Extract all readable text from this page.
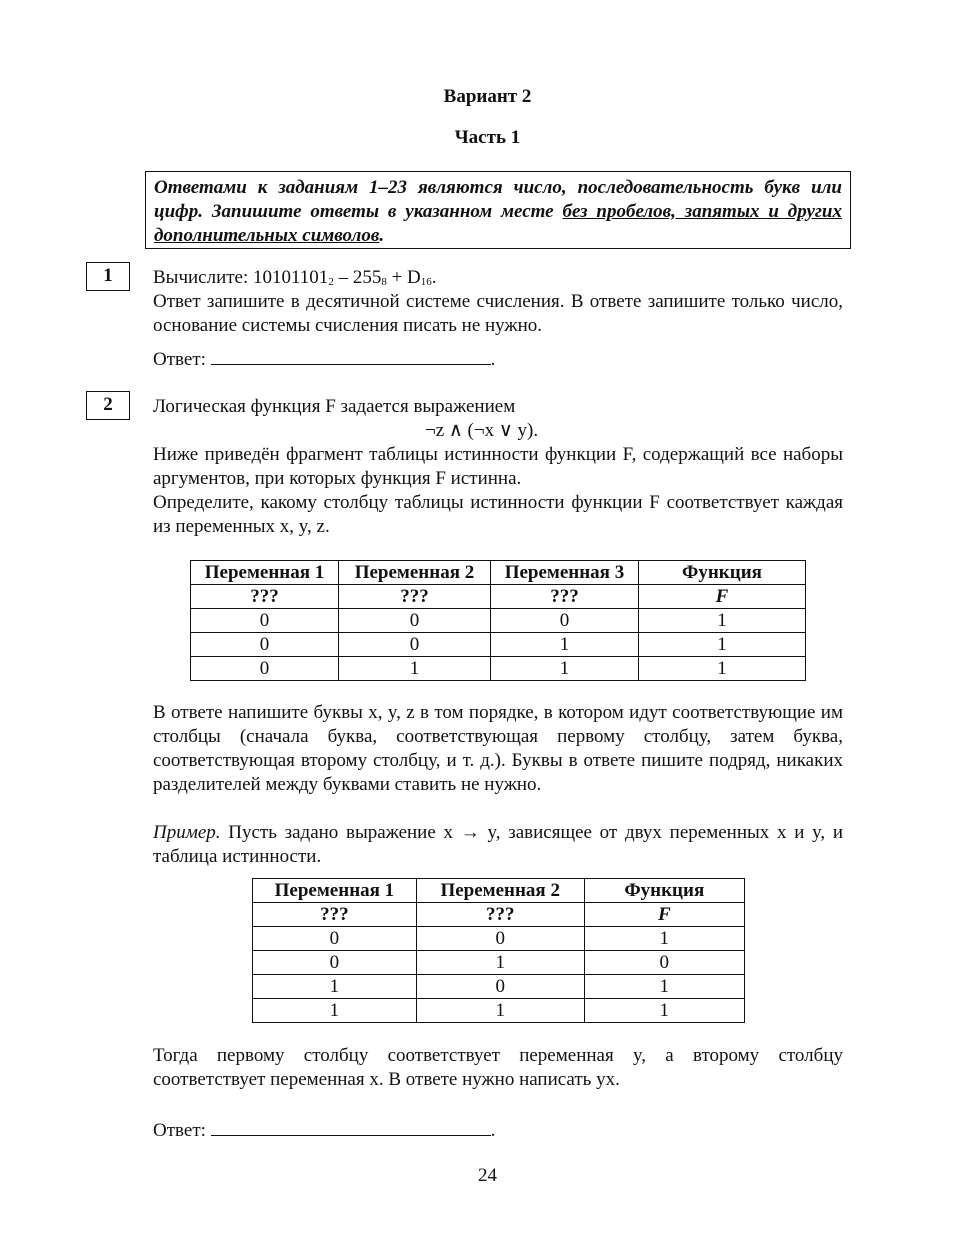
Вариант 2
Часть 1
Ответами к заданиям 1–23 являются число, последовательность букв или цифр. Запишите ответы в указанном месте без пробелов, запятых и других дополнительных символов.
1	Вычислите: $10101101_2 - 255_8 + D_{16}$.
Ответ запишите в десятичной системе счисления. В ответе запишите только число, основание системы счисления писать не нужно.
Ответ:	.
2	Логическая функция F задается выражением
¬z ∧ (¬x ∨ y).
Ниже приведён фрагмент таблицы истинности функции F, содержащий все наборы аргументов, при которых функция F истинна.
Определите, какому столбцу таблицы истинности функции F соответствует каждая из переменных x, y, z.
Переменная 1	Переменная 2	Переменная 3	Функция
???	???	???	F
0	0	0	1
0	0	1	1
0	1	1	1
В ответе напишите буквы x, y, z в том порядке, в котором идут соответствующие им столбцы (сначала буква, соответствующая первому столбцу, затем буква, соответствующая второму столбцу, и т. д.). Буквы в ответе пишите подряд, никаких разделителей между буквами ставить не нужно.
Пример. Пусть задано выражение x → y, зависящее от двух переменных x и y, и таблица истинности.
Переменная 1	Переменная 2	Функция
???	???	F
0	0	1
0	1	0
1	0	1
1	1	1
Тогда первому столбцу соответствует переменная y, а второму столбцу соответствует переменная x. В ответе нужно написать yx.
Ответ:	.
24
